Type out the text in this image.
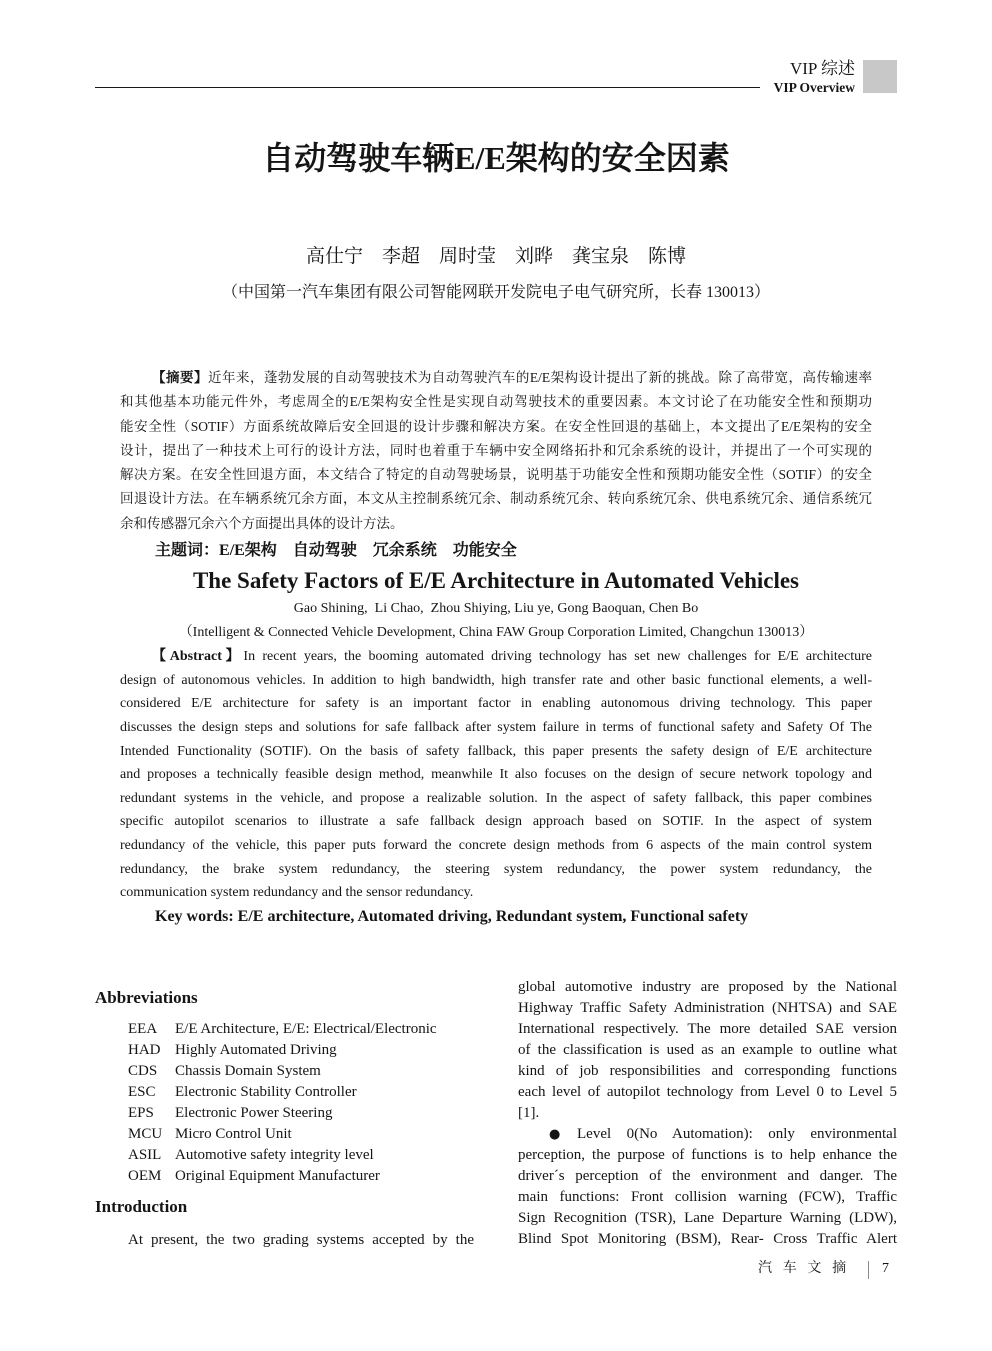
VIP 综述
VIP Overview
自动驾驶车辆E/E架构的安全因素
高仕宁　李超　周时莹　刘晔　龚宝泉　陈博
（中国第一汽车集团有限公司智能网联开发院电子电气研究所，长春 130013）
【摘要】近年来，蓬勃发展的自动驾驶技术为自动驾驶汽车的E/E架构设计提出了新的挑战。除了高带宽，高传输速率
和其他基本功能元件外，考虑周全的E/E架构安全性是实现自动驾驶技术的重要因素。本文讨论了在功能安全性和预期功
能安全性（SOTIF）方面系统故障后安全回退的设计步骤和解决方案。在安全性回退的基础上，本文提出了E/E架构的安全
设计，提出了一种技术上可行的设计方法，同时也着重于车辆中安全网络拓扑和冗余系统的设计，并提出了一个可实现的
解决方案。在安全性回退方面，本文结合了特定的自动驾驶场景，说明基于功能安全性和预期功能安全性（SOTIF）的安全
回退设计方法。在车辆系统冗余方面，本文从主控制系统冗余、制动系统冗余、转向系统冗余、供电系统冗余、通信系统冗
余和传感器冗余六个方面提出具体的设计方法。
主题词：E/E架构　自动驾驶　冗余系统　功能安全
The Safety Factors of E/E Architecture in Automated Vehicles
Gao Shining,  Li Chao,  Zhou Shiying, Liu ye, Gong Baoquan, Chen Bo
（Intelligent & Connected Vehicle Development, China FAW Group Corporation Limited, Changchun 130013）
【Abstract】In recent years, the booming automated driving technology has set new challenges for E/E architecture
design of autonomous vehicles. In addition to high bandwidth, high transfer rate and other basic functional elements, a well-
considered E/E architecture for safety is an important factor in enabling autonomous driving technology. This paper
discusses the design steps and solutions for safe fallback after system failure in terms of functional safety and Safety Of The
Intended Functionality (SOTIF). On the basis of safety fallback, this paper presents the safety design of E/E architecture
and proposes a technically feasible design method, meanwhile It also focuses on the design of secure network topology and
redundant systems in the vehicle, and propose a realizable solution. In the aspect of safety fallback, this paper combines
specific autopilot scenarios to illustrate a safe fallback design approach based on SOTIF. In the aspect of system
redundancy of the vehicle, this paper puts forward the concrete design methods from 6 aspects of the main control system
redundancy, the brake system redundancy, the steering system redundancy, the power system redundancy, the
communication system redundancy and the sensor redundancy.
Key words: E/E architecture, Automated driving, Redundant system, Functional safety
Abbreviations
EEA E/E Architecture, E/E: Electrical/Electronic
HAD Highly Automated Driving
CDS Chassis Domain System
ESC Electronic Stability Controller
EPS Electronic Power Steering
MCU Micro Control Unit
ASIL Automotive safety integrity level
OEM Original Equipment Manufacturer
Introduction
At present, the two grading systems accepted by the
global automotive industry are proposed by the National
Highway Traffic Safety Administration (NHTSA) and SAE
International respectively. The more detailed SAE version
of the classification is used as an example to outline what
kind of job responsibilities and corresponding functions
each level of autopilot technology from Level 0 to Level 5
[1].
Level 0(No Automation): only environmental
perception, the purpose of functions is to help enhance the
driver´s perception of the environment and danger. The
main functions: Front collision warning (FCW), Traffic
Sign Recognition (TSR), Lane Departure Warning (LDW),
Blind Spot Monitoring (BSM), Rear- Cross Traffic Alert
●
汽 车 文 摘 7
